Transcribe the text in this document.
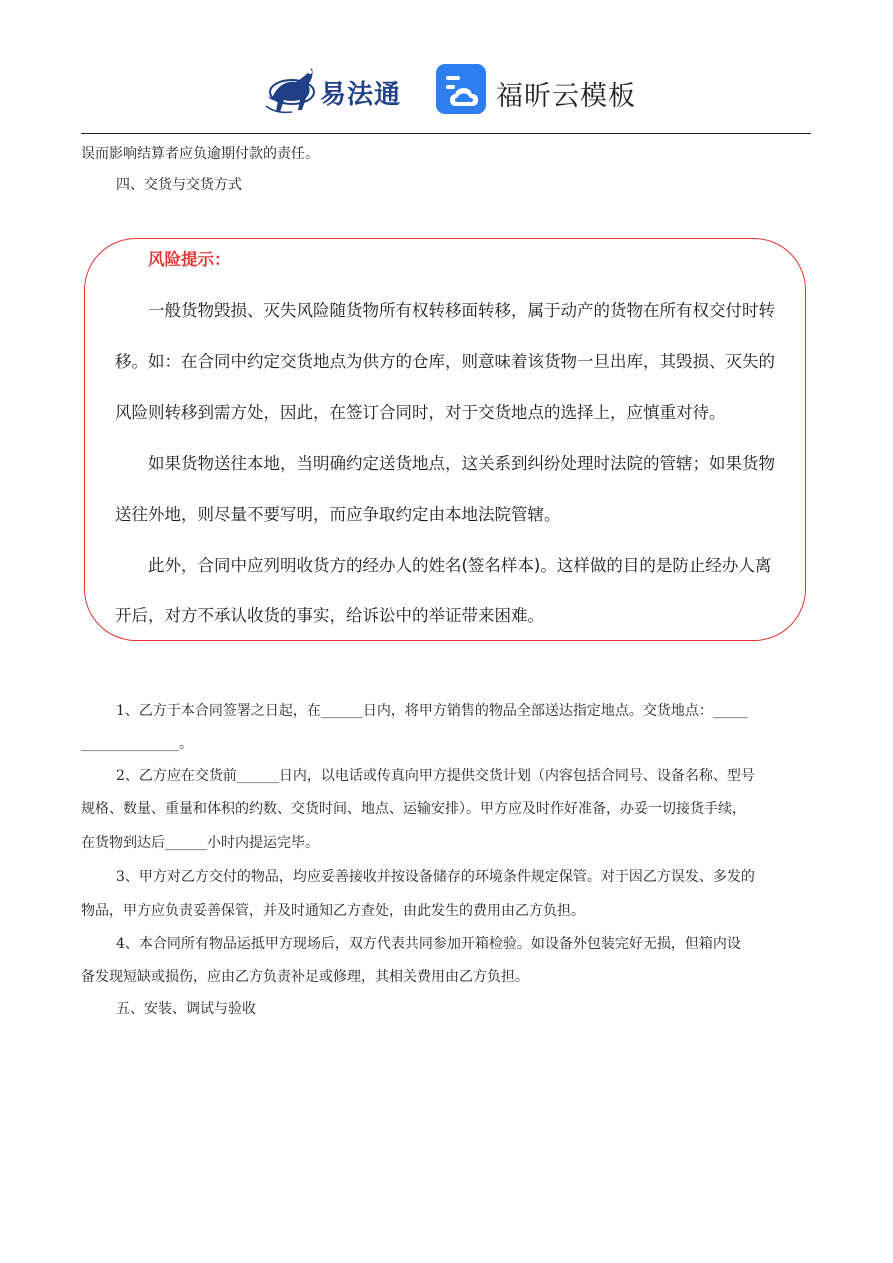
易法通	福昕云模板
误而影响结算者应负逾期付款的责任。
四、交货与交货方式
风险提示：
一般货物毁损、灭失风险随货物所有权转移面转移，属于动产的货物在所有权交付时转
移。如：在合同中约定交货地点为供方的仓库，则意味着该货物一旦出库，其毁损、灭失的
风险则转移到需方处，因此，在签订合同时，对于交货地点的选择上，应慎重对待。
如果货物送往本地，当明确约定送货地点，这关系到纠纷处理时法院的管辖；如果货物
送往外地，则尽量不要写明，而应争取约定由本地法院管辖。
此外，合同中应列明收货方的经办人的姓名(签名样本)。这样做的目的是防止经办人离
开后，对方不承认收货的事实，给诉讼中的举证带来困难。
1、乙方于本合同签署之日起，在______日内，将甲方销售的物品全部送达指定地点。交货地点：_____
______________。
2、乙方应在交货前______日内，以电话或传真向甲方提供交货计划（内容包括合同号、设备名称、型号
规格、数量、重量和体积的约数、交货时间、地点、运输安排）。甲方应及时作好准备，办妥一切接货手续，
在货物到达后______小时内提运完毕。
3、甲方对乙方交付的物品，均应妥善接收并按设备储存的环境条件规定保管。对于因乙方误发、多发的
物品，甲方应负责妥善保管，并及时通知乙方查处，由此发生的费用由乙方负担。
4、本合同所有物品运抵甲方现场后，双方代表共同参加开箱检验。如设备外包装完好无损，但箱内设
备发现短缺或损伤，应由乙方负责补足或修理，其相关费用由乙方负担。
五、安装、调试与验收
